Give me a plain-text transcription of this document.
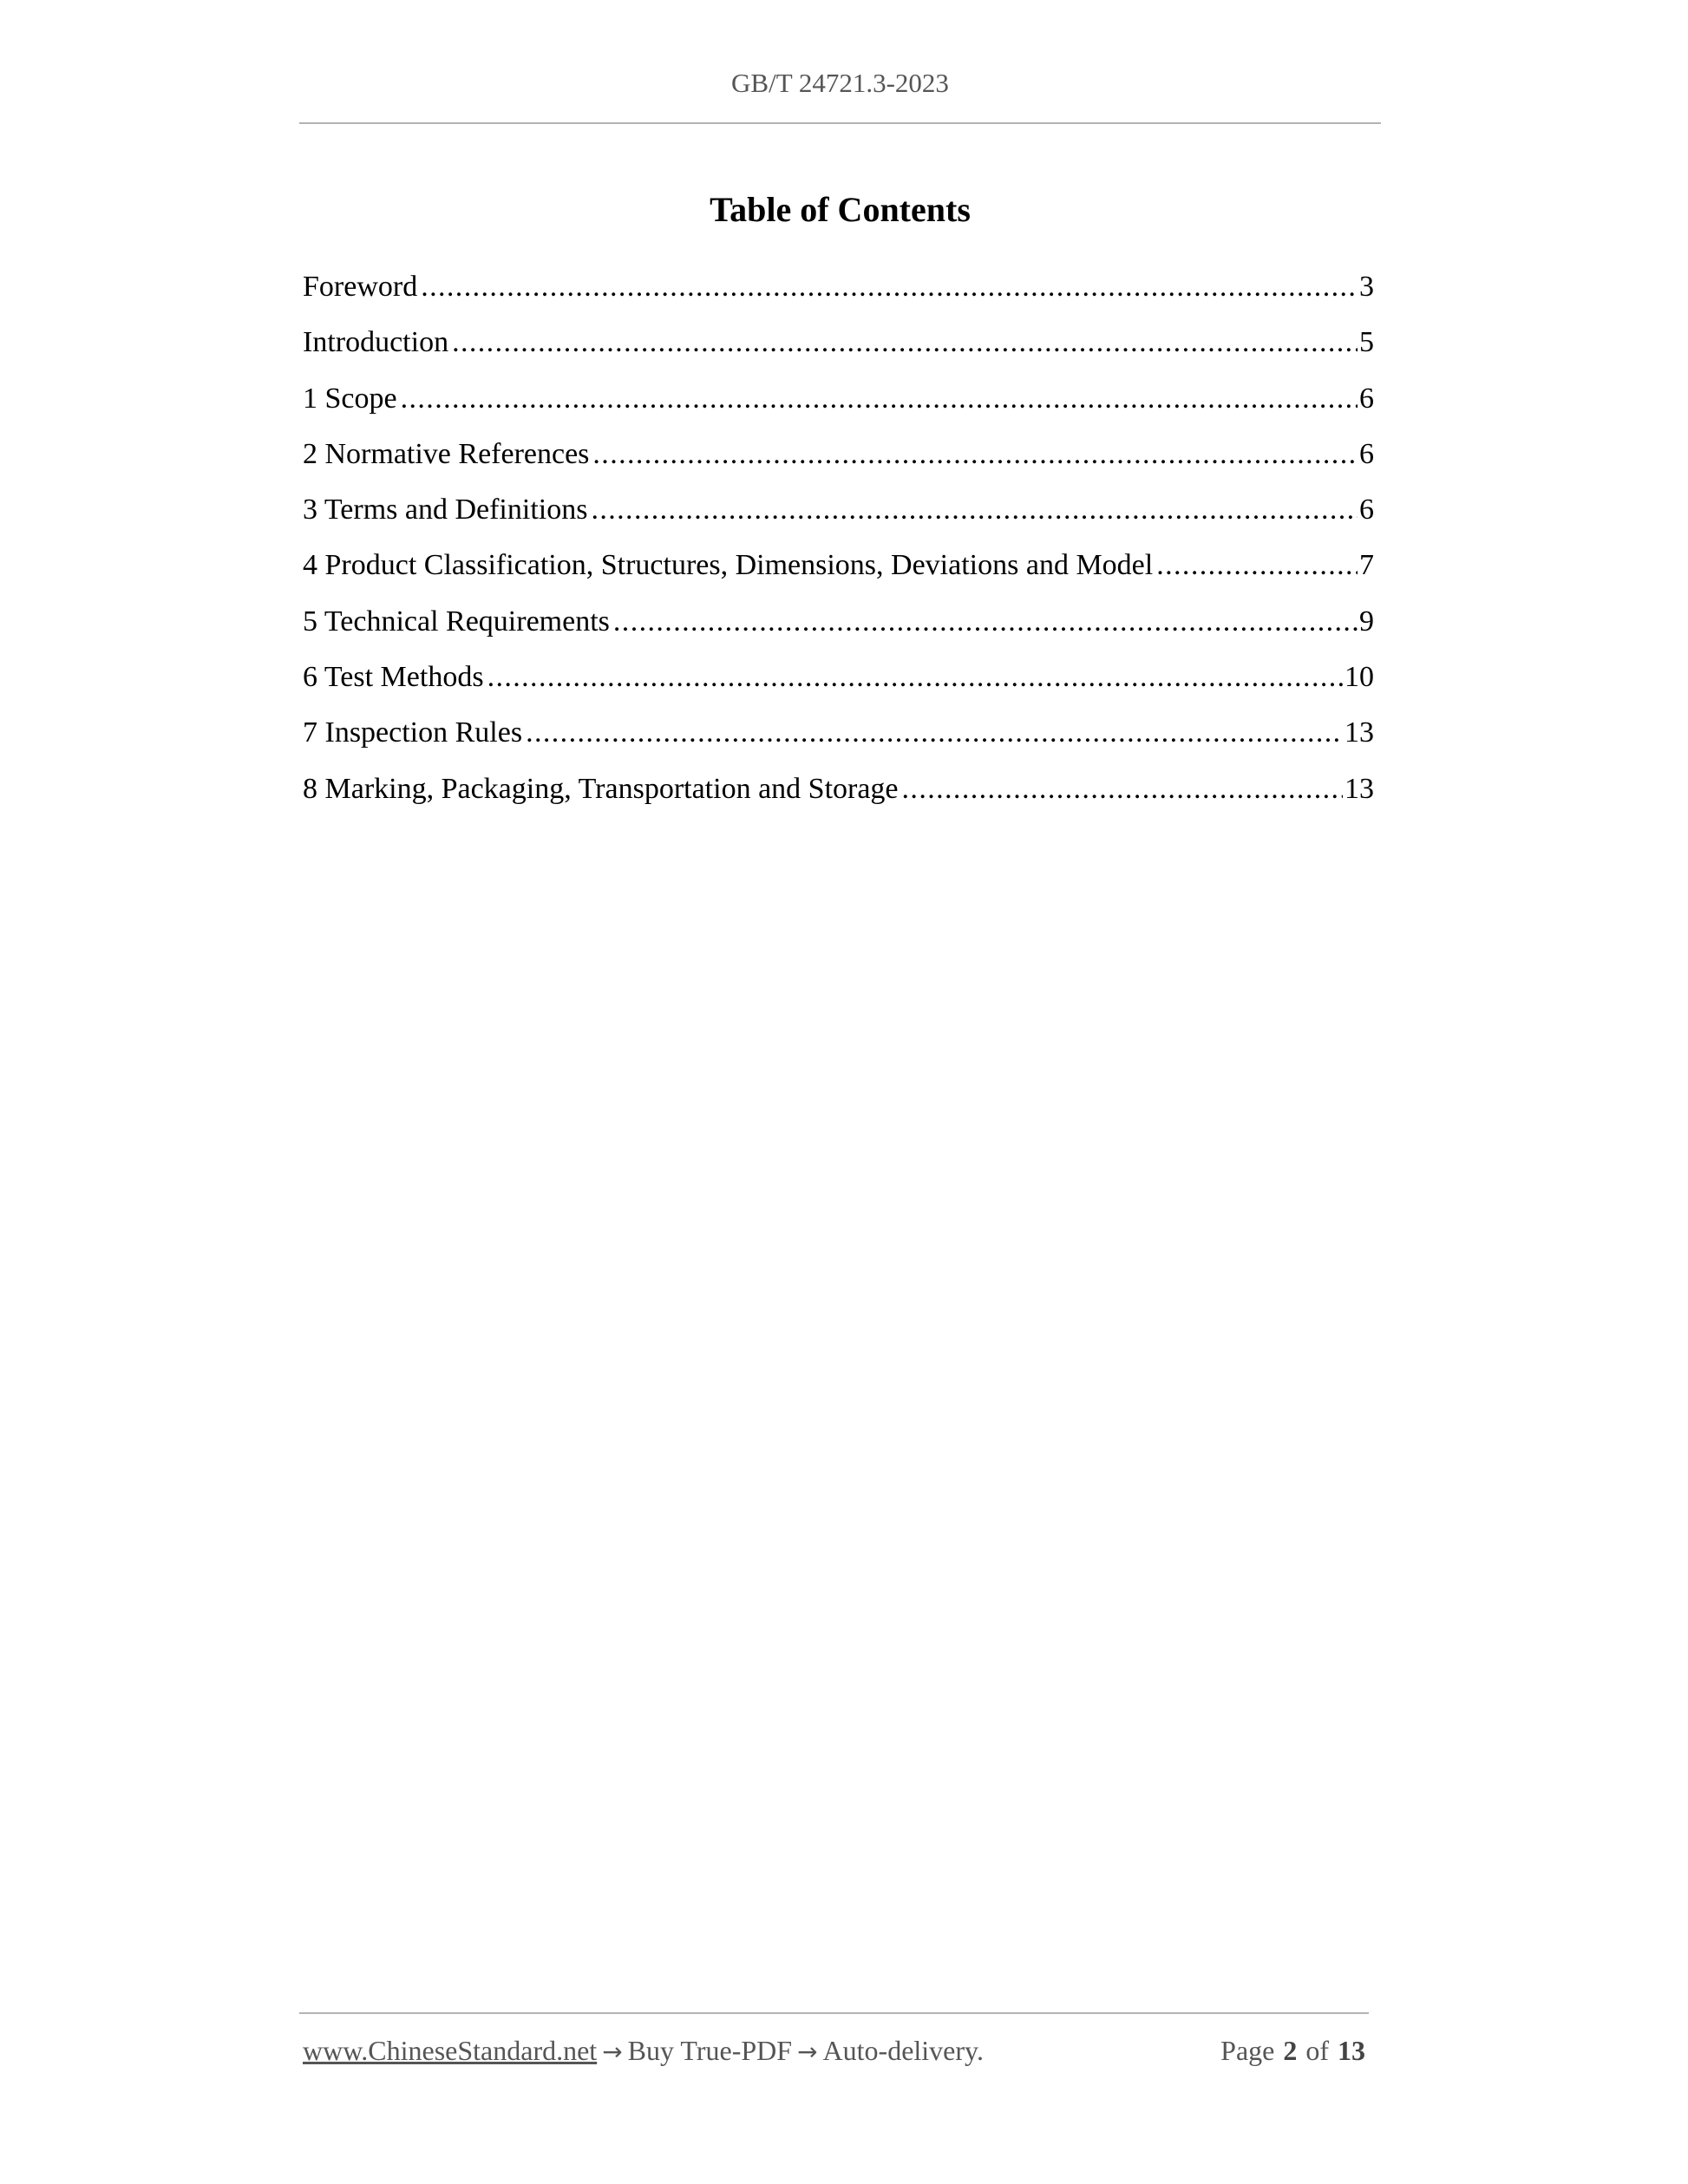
GB/T 24721.3-2023
Table of Contents
Foreword .....	3
Introduction .....	5
1 Scope .....	6
2 Normative References .....	6
3 Terms and Definitions .....	6
4 Product Classification, Structures, Dimensions, Deviations and Model .....	7
5 Technical Requirements .....	9
6 Test Methods .....	10
7 Inspection Rules .....	13
8 Marking, Packaging, Transportation and Storage .....	13
www.ChineseStandard.net → Buy True-PDF → Auto-delivery.	Page 2 of 13
